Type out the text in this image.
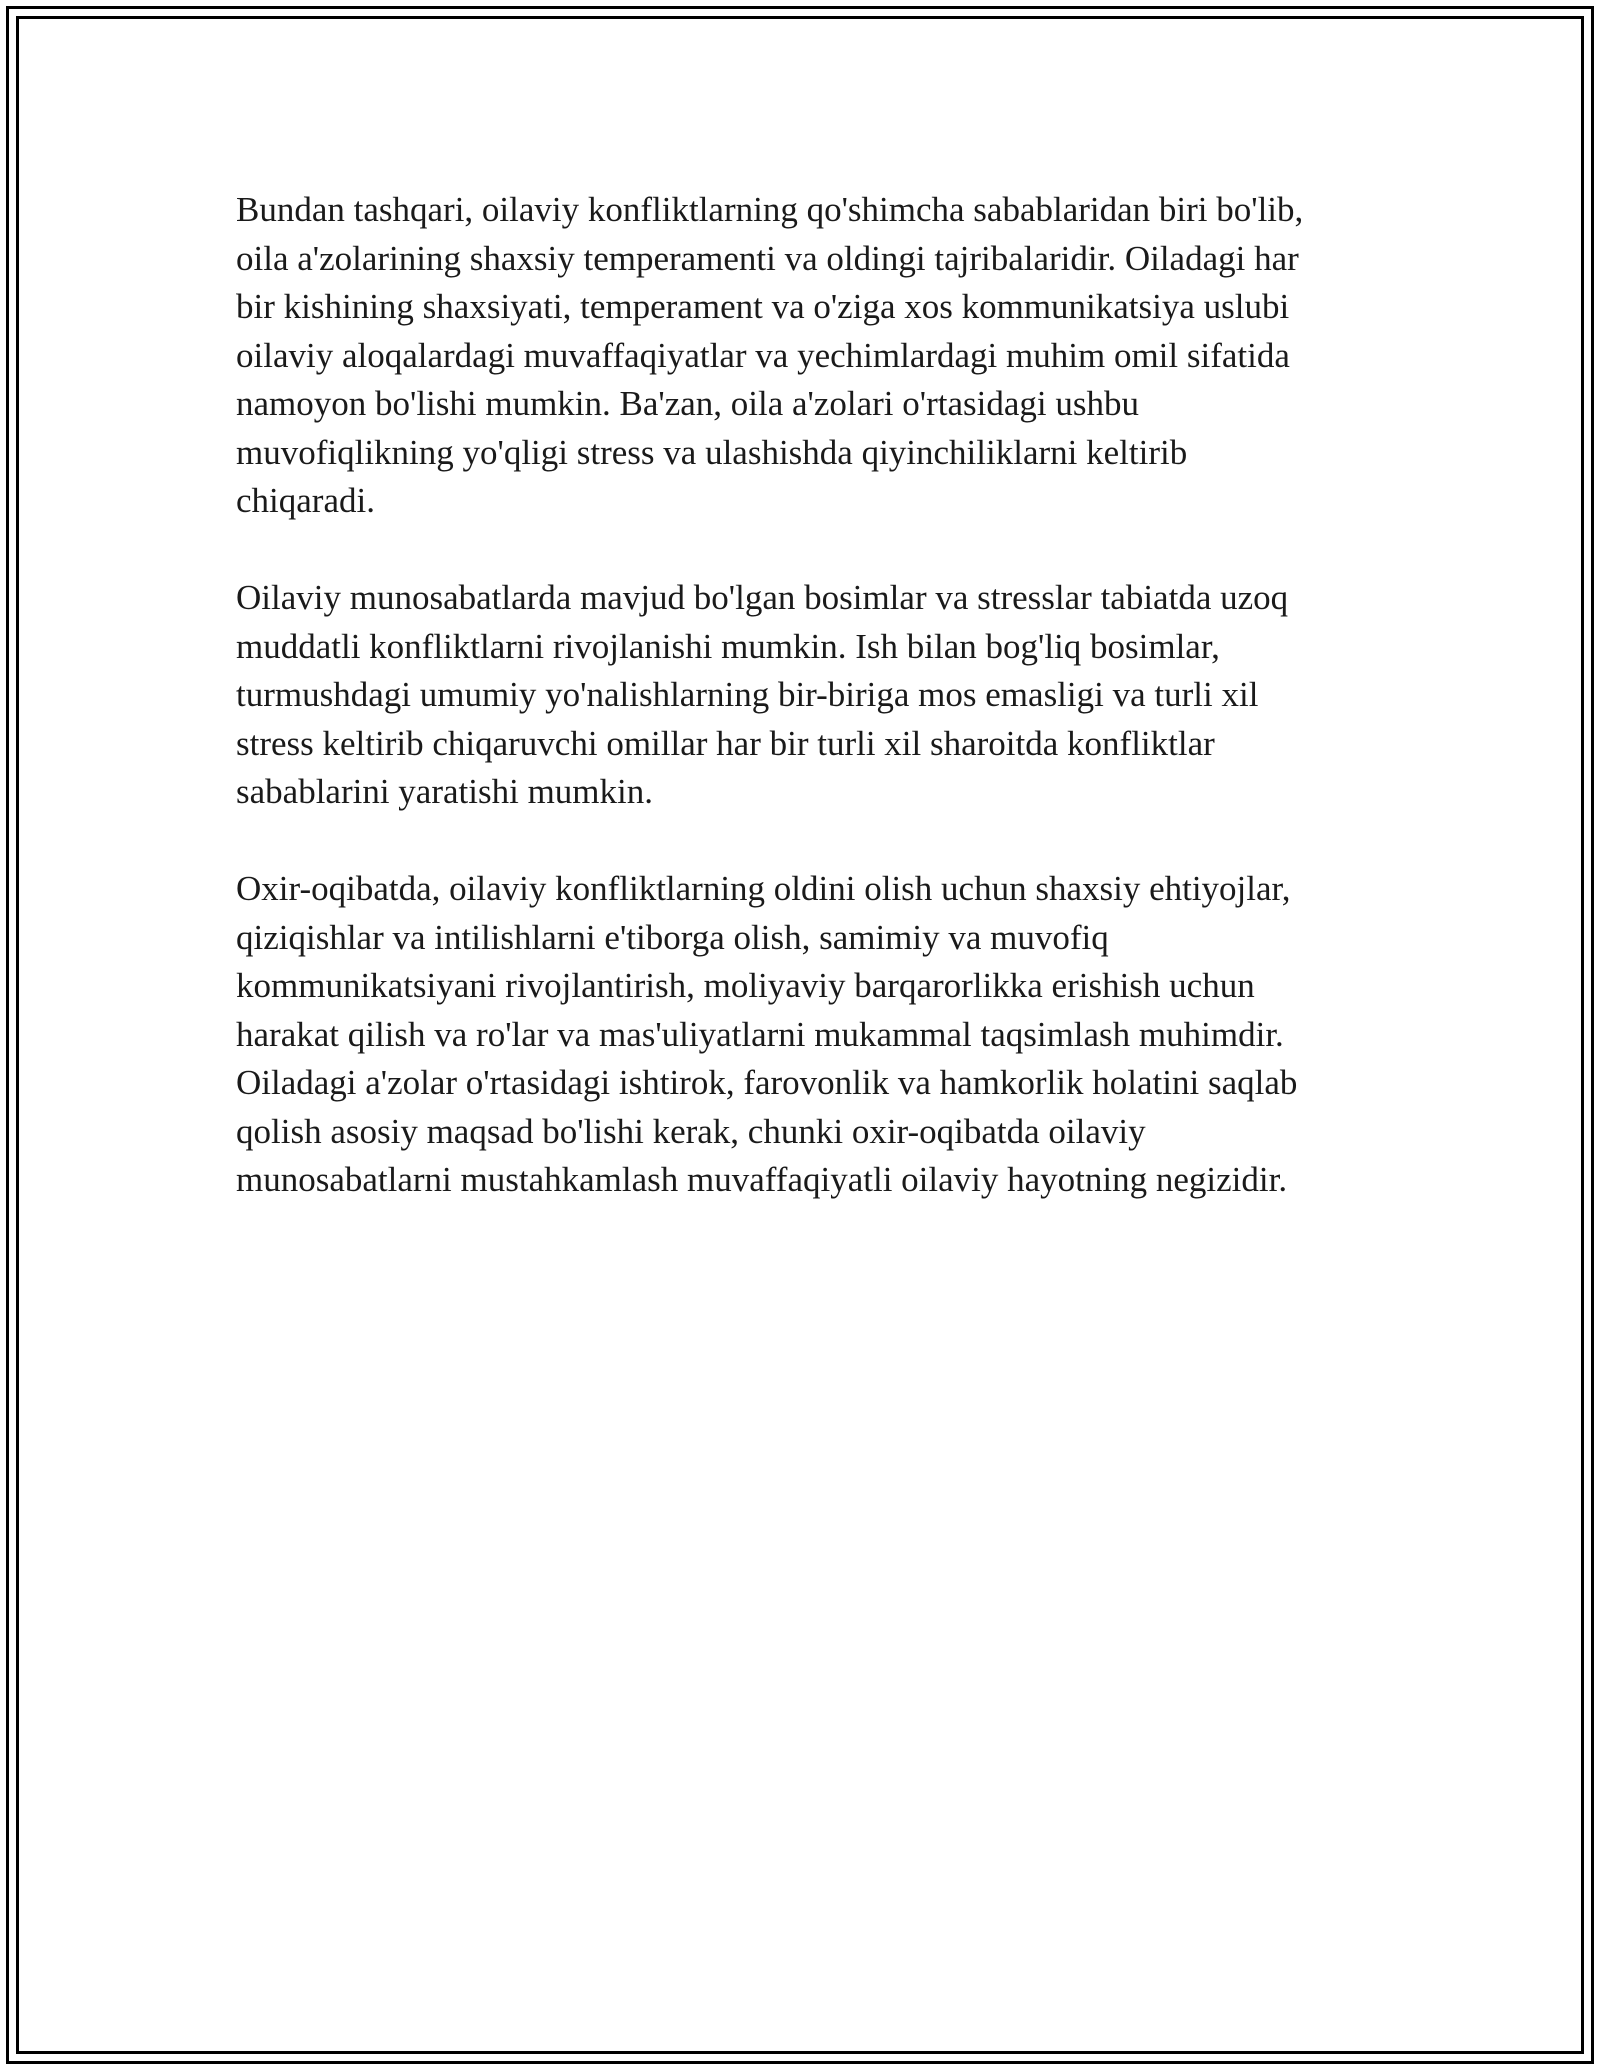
Bundan tashqari, oilaviy konfliktlarning qo'shimcha sabablaridan biri bo'lib,
oila a'zolarining shaxsiy temperamenti va oldingi tajribalaridir. Oiladagi har
bir kishining shaxsiyati, temperament va o'ziga xos kommunikatsiya uslubi
oilaviy aloqalardagi muvaffaqiyatlar va yechimlardagi muhim omil sifatida
namoyon bo'lishi mumkin. Ba'zan, oila a'zolari o'rtasidagi ushbu
muvofiqlikning yo'qligi stress va ulashishda qiyinchiliklarni keltirib
chiqaradi.

Oilaviy munosabatlarda mavjud bo'lgan bosimlar va stresslar tabiatda uzoq
muddatli konfliktlarni rivojlanishi mumkin. Ish bilan bog'liq bosimlar,
turmushdagi umumiy yo'nalishlarning bir-biriga mos emasligi va turli xil
stress keltirib chiqaruvchi omillar har bir turli xil sharoitda konfliktlar
sabablarini yaratishi mumkin.

Oxir-oqibatda, oilaviy konfliktlarning oldini olish uchun shaxsiy ehtiyojlar,
qiziqishlar va intilishlarni e'tiborga olish, samimiy va muvofiq
kommunikatsiyani rivojlantirish, moliyaviy barqarorlikka erishish uchun
harakat qilish va ro'lar va mas'uliyatlarni mukammal taqsimlash muhimdir.
Oiladagi a'zolar o'rtasidagi ishtirok, farovonlik va hamkorlik holatini saqlab
qolish asosiy maqsad bo'lishi kerak, chunki oxir-oqibatda oilaviy
munosabatlarni mustahkamlash muvaffaqiyatli oilaviy hayotning negizidir.
